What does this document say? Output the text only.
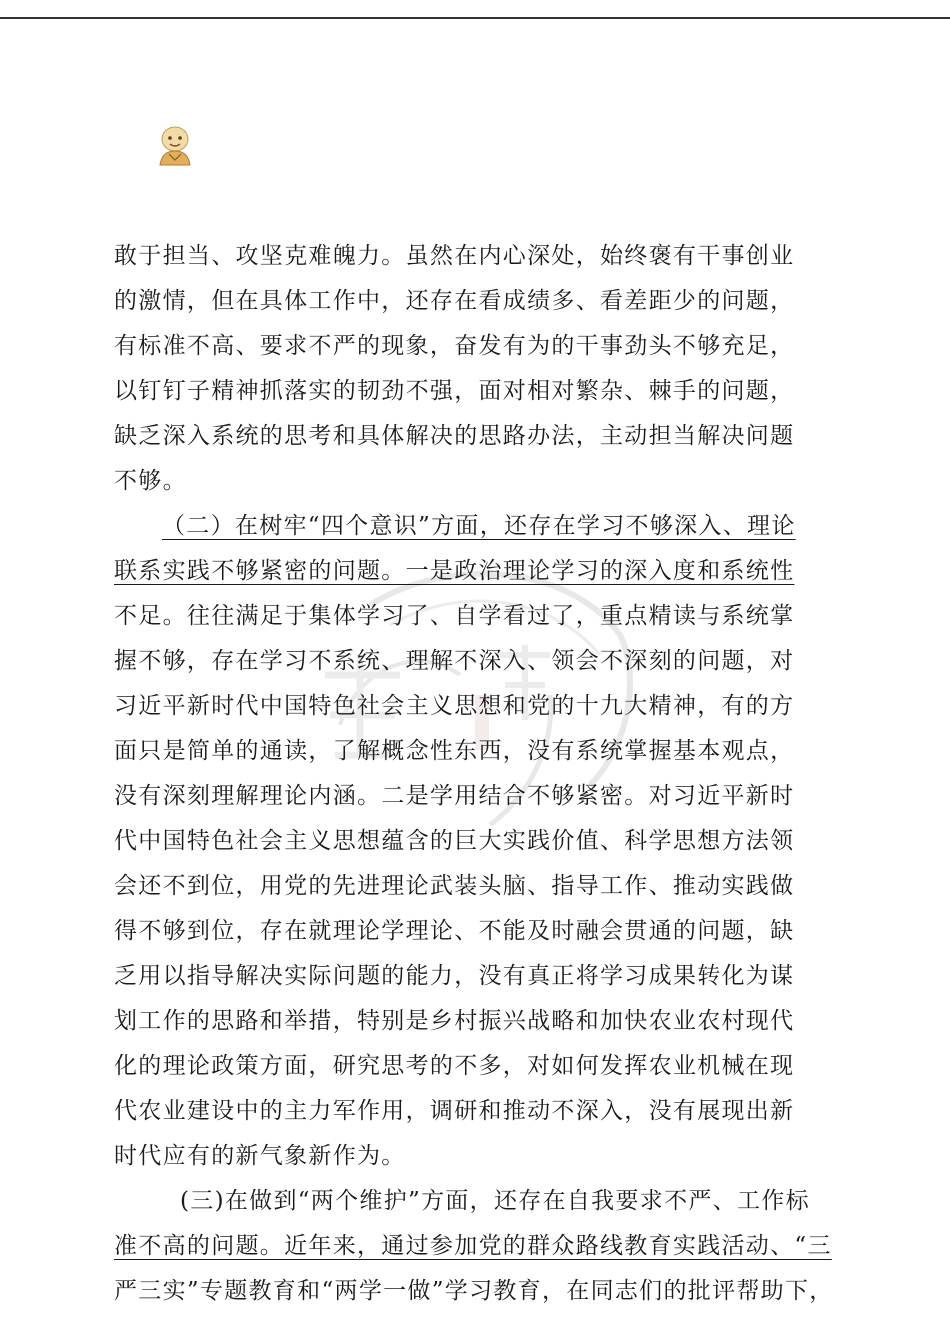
敢于担当、攻坚克难魄力。虽然在内心深处，始终褒有干事创业
的激情，但在具体工作中，还存在看成绩多、看差距少的问题，
有标准不高、要求不严的现象，奋发有为的干事劲头不够充足，
以钉钉子精神抓落实的韧劲不强，面对相对繁杂、棘手的问题，
缺乏深入系统的思考和具体解决的思路办法，主动担当解决问题
不够。
（二）在树牢“四个意识”方面，还存在学习不够深入、理论
联系实践不够紧密的问题。一是政治理论学习的深入度和系统性
不足。往往满足于集体学习了、自学看过了，重点精读与系统掌
握不够，存在学习不系统、理解不深入、领会不深刻的问题，对
习近平新时代中国特色社会主义思想和党的十九大精神，有的方
面只是简单的通读，了解概念性东西，没有系统掌握基本观点，
没有深刻理解理论内涵。二是学用结合不够紧密。对习近平新时
代中国特色社会主义思想蕴含的巨大实践价值、科学思想方法领
会还不到位，用党的先进理论武装头脑、指导工作、推动实践做
得不够到位，存在就理论学理论、不能及时融会贯通的问题，缺
乏用以指导解决实际问题的能力，没有真正将学习成果转化为谋
划工作的思路和举措，特别是乡村振兴战略和加快农业农村现代
化的理论政策方面，研究思考的不多，对如何发挥农业机械在现
代农业建设中的主力军作用，调研和推动不深入，没有展现出新
时代应有的新气象新作为。
(三)在做到“两个维护”方面，还存在自我要求不严、工作标
准不高的问题。近年来，通过参加党的群众路线教育实践活动、“三
严三实”专题教育和“两学一做”学习教育，在同志们的批评帮助下，
